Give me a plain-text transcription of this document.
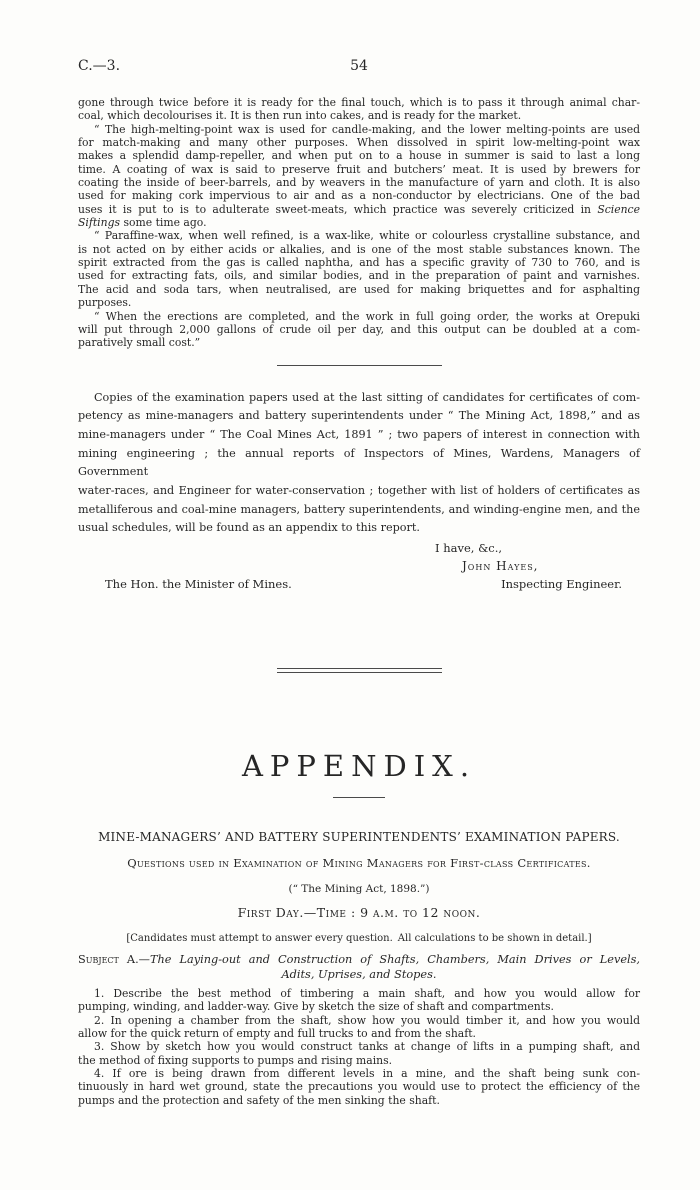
C.—3.	54
gone through twice before it is ready for the final touch, which is to pass it through animal char-
coal, which decolourises it. It is then run into cakes, and is ready for the market.
“ The high-melting-point wax is used for candle-making, and the lower melting-points are used
for match-making and many other purposes. When dissolved in spirit low-melting-point wax
makes a splendid damp-repeller, and when put on to a house in summer is said to last a long
time. A coating of wax is said to preserve fruit and butchers’ meat. It is used by brewers for
coating the inside of beer-barrels, and by weavers in the manufacture of yarn and cloth. It is also
used for making cork impervious to air and as a non-conductor by electricians. One of the bad
uses it is put to is to adulterate sweet-meats, which practice was severely criticized in Science
Siftings some time ago.
“ Paraffine-wax, when well refined, is a wax-like, white or colourless crystalline substance, and
is not acted on by either acids or alkalies, and is one of the most stable substances known. The
spirit extracted from the gas is called naphtha, and has a specific gravity of 730 to 760, and is
used for extracting fats, oils, and similar bodies, and in the preparation of paint and varnishes.
The acid and soda tars, when neutralised, are used for making briquettes and for asphalting
purposes.
“ When the erections are completed, and the work in full going order, the works at Orepuki
will put through 2,000 gallons of crude oil per day, and this output can be doubled at a com-
paratively small cost.”
Copies of the examination papers used at the last sitting of candidates for certificates of com-
petency as mine-managers and battery superintendents under “ The Mining Act, 1898,” and as
mine-managers under “ The Coal Mines Act, 1891 ” ; two papers of interest in connection with
mining engineering ; the annual reports of Inspectors of Mines, Wardens, Managers of Government
water-races, and Engineer for water-conservation ; together with list of holders of certificates as
metalliferous and coal-mine managers, battery superintendents, and winding-engine men, and the
usual schedules, will be found as an appendix to this report.
I have, &c.,
John Hayes,
The Hon. the Minister of Mines.	Inspecting Engineer.
APPENDIX.
MINE-MANAGERS’ AND BATTERY SUPERINTENDENTS’ EXAMINATION PAPERS.
Questions used in Examination of Mining Managers for First-class Certificates.
(“ The Mining Act, 1898.”)
First Day.—Time : 9 a.m. to 12 noon.
[Candidates must attempt to answer every question. All calculations to be shown in detail.]
Subject A.—The Laying-out and Construction of Shafts, Chambers, Main Drives or Levels,
Adits, Uprises, and Stopes.
1. Describe the best method of timbering a main shaft, and how you would allow for
pumping, winding, and ladder-way. Give by sketch the size of shaft and compartments.
2. In opening a chamber from the shaft, show how you would timber it, and how you would
allow for the quick return of empty and full trucks to and from the shaft.
3. Show by sketch how you would construct tanks at change of lifts in a pumping shaft, and
the method of fixing supports to pumps and rising mains.
4. If ore is being drawn from different levels in a mine, and the shaft being sunk con-
tinuously in hard wet ground, state the precautions you would use to protect the efficiency of the
pumps and the protection and safety of the men sinking the shaft.
